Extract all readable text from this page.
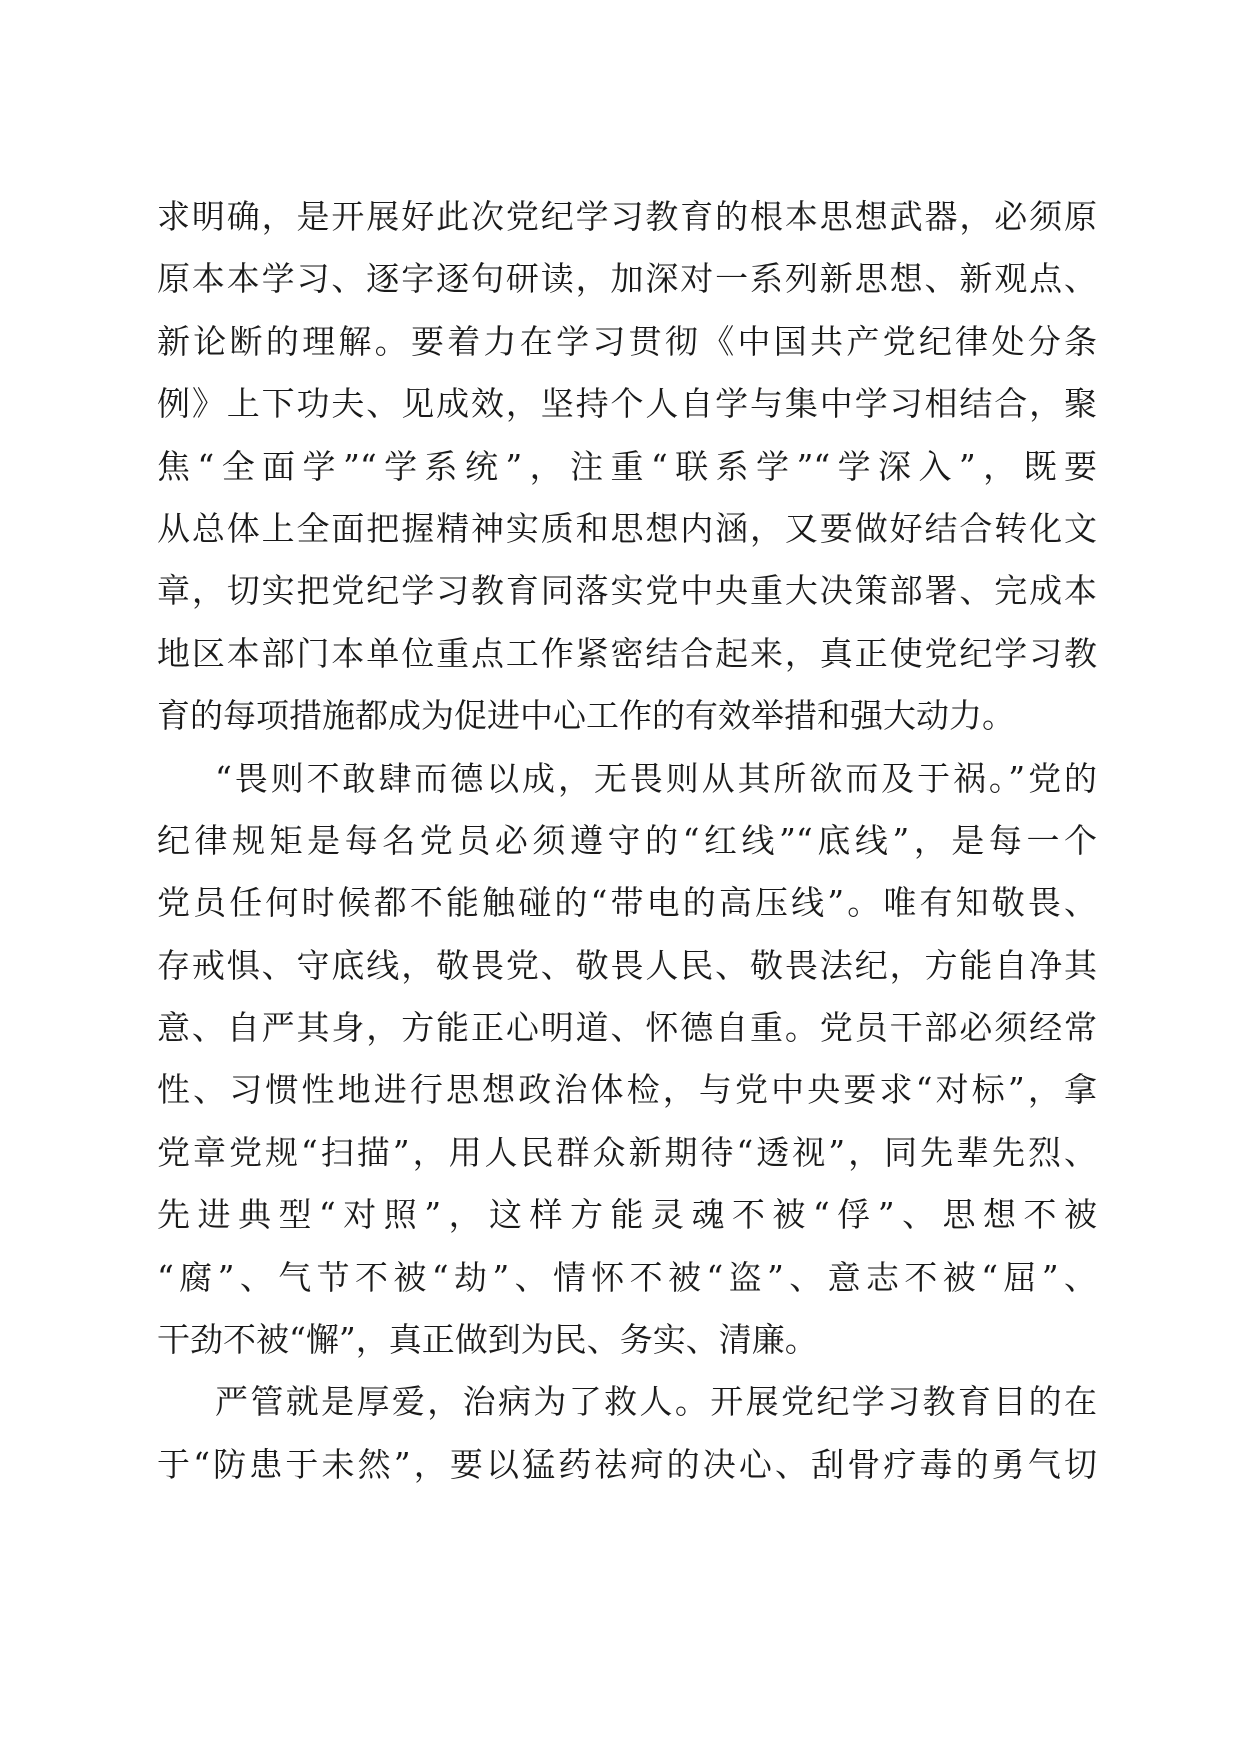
求明确，是开展好此次党纪学习教育的根本思想武器，必须原
原本本学习、逐字逐句研读，加深对一系列新思想、新观点、
新论断的理解。要着力在学习贯彻《中国共产党纪律处分条
例》上下功夫、见成效，坚持个人自学与集中学习相结合，聚
焦“全面学”“学系统”，注重“联系学”“学深入”，既要
从总体上全面把握精神实质和思想内涵，又要做好结合转化文
章，切实把党纪学习教育同落实党中央重大决策部署、完成本
地区本部门本单位重点工作紧密结合起来，真正使党纪学习教
育的每项措施都成为促进中心工作的有效举措和强大动力。
“畏则不敢肆而德以成，无畏则从其所欲而及于祸。”党的
纪律规矩是每名党员必须遵守的“红线”“底线”，是每一个
党员任何时候都不能触碰的“带电的高压线”。唯有知敬畏、
存戒惧、守底线，敬畏党、敬畏人民、敬畏法纪，方能自净其
意、自严其身，方能正心明道、怀德自重。党员干部必须经常
性、习惯性地进行思想政治体检，与党中央要求“对标”，拿
党章党规“扫描”，用人民群众新期待“透视”，同先辈先烈、
先进典型“对照”，这样方能灵魂不被“俘”、思想不被
“腐”、气节不被“劫”、情怀不被“盗”、意志不被“屈”、
干劲不被“懈”，真正做到为民、务实、清廉。
严管就是厚爱，治病为了救人。开展党纪学习教育目的在
于“防患于未然”，要以猛药祛疴的决心、刮骨疗毒的勇气切
